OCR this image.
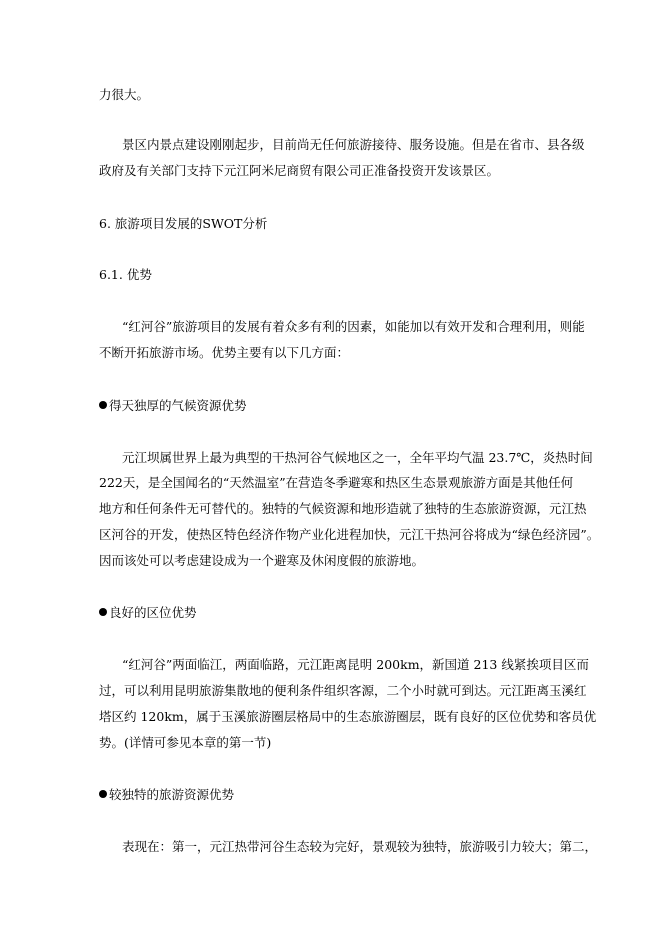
力很大。

景区内景点建设刚刚起步，目前尚无任何旅游接待、服务设施。但是在省市、县各级

政府及有关部门支持下元江阿米尼商贸有限公司正准备投资开发该景区。

6. 旅游项目发展的SWOT分析

6.1. 优势

“红河谷”旅游项目的发展有着众多有利的因素，如能加以有效开发和合理利用，则能

不断开拓旅游市场。优势主要有以下几方面：

得天独厚的气候资源优势

元江坝属世界上最为典型的干热河谷气候地区之一，全年平均气温 23.7℃，炎热时间

222天，是全国闻名的“天然温室”在营造冬季避寒和热区生态景观旅游方面是其他任何

地方和任何条件无可替代的。独特的气候资源和地形造就了独特的生态旅游资源，元江热

区河谷的开发，使热区特色经济作物产业化进程加快，元江干热河谷将成为“绿色经济园”。

因而该处可以考虑建设成为一个避寒及休闲度假的旅游地。

良好的区位优势

“红河谷”两面临江，两面临路，元江距离昆明 200km，新国道 213 线紧挨项目区而

过，可以利用昆明旅游集散地的便利条件组织客源，二个小时就可到达。元江距离玉溪红

塔区约 120km，属于玉溪旅游圈层格局中的生态旅游圈层，既有良好的区位优势和客员优

势。(详情可参见本章的第一节)

较独特的旅游资源优势

表现在：第一，元江热带河谷生态较为完好，景观较为独特，旅游吸引力较大；第二，
